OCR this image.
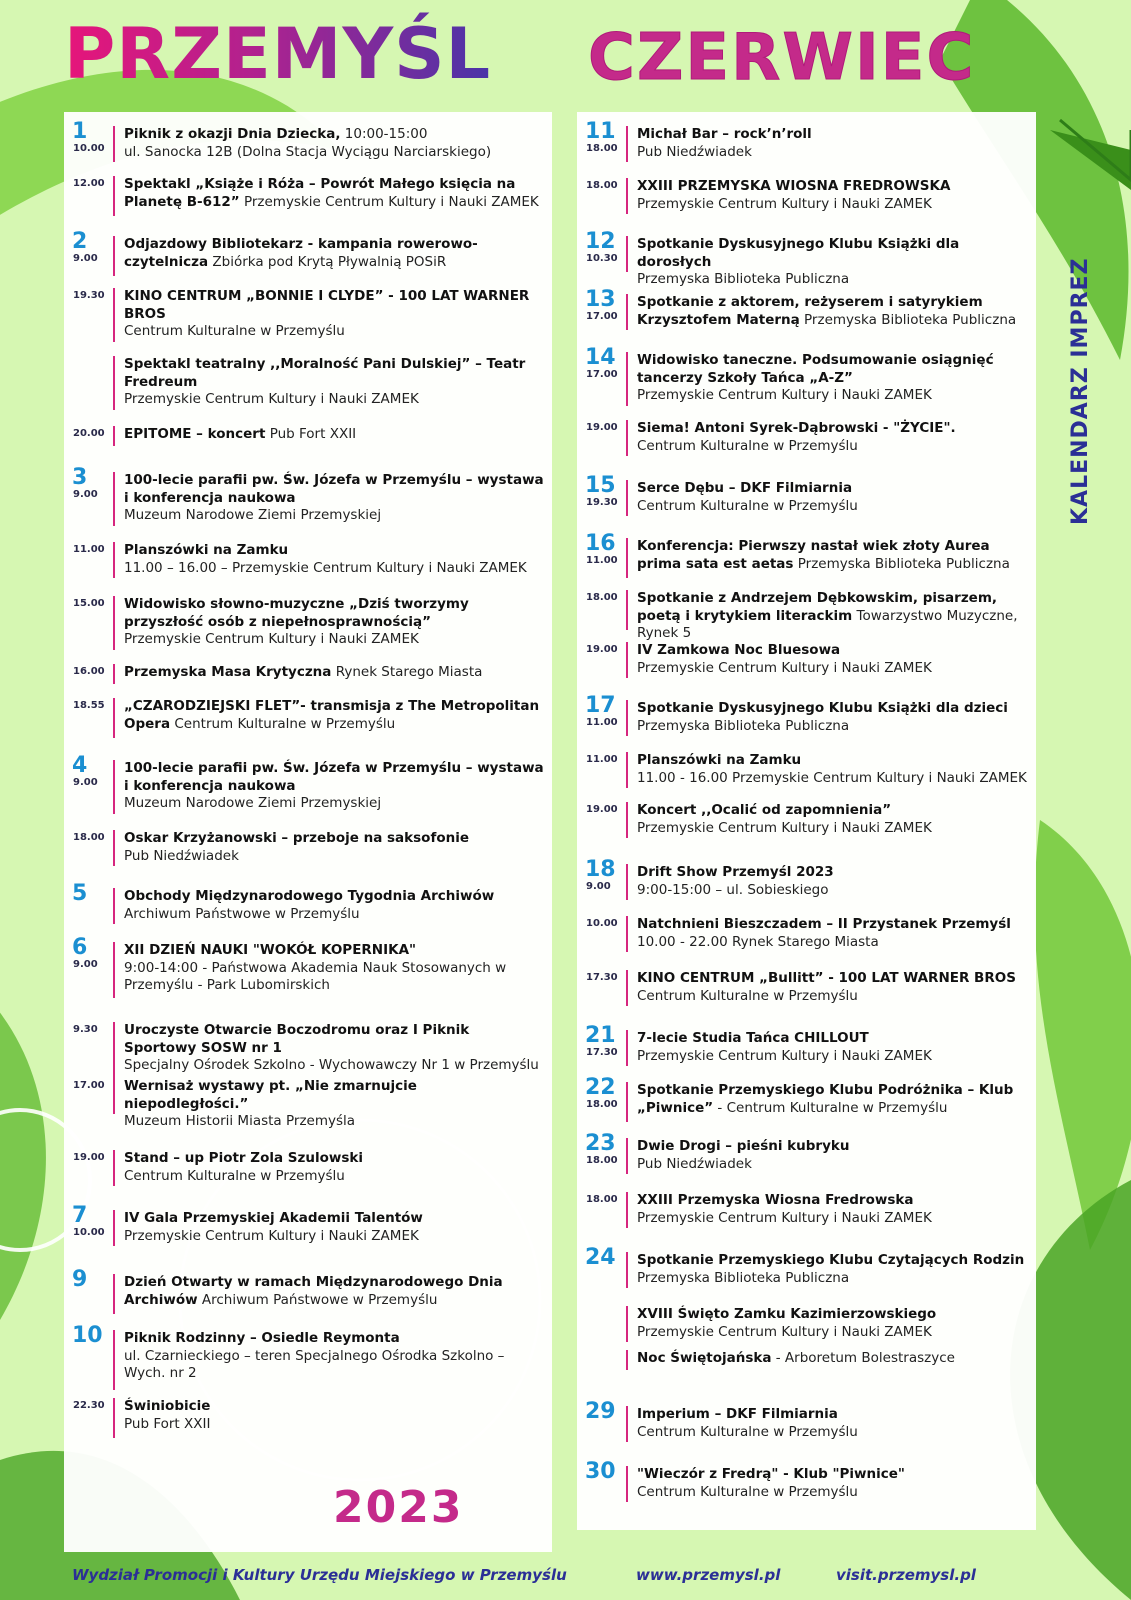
PRZEMYŚL CZERWIEC
1
10.00
Piknik z okazji Dnia Dziecka, 10:00-15:00
ul. Sanocka 12B (Dolna Stacja Wyciągu Narciarskiego)
12.00 Spektakl „Książe i Róża – Powrót Małego księcia na Planetę B-612” Przemyskie Centrum Kultury i Nauki ZAMEK
2
9.00
Odjazdowy Bibliotekarz - kampania rowerowo-czytelnicza Zbiórka pod Krytą Pływalnią POSiR
19.30 KINO CENTRUM „BONNIE I CLYDE” - 100 LAT WARNER BROS
Centrum Kulturalne w Przemyślu
Spektakl teatralny ,,Moralność Pani Dulskiej” – Teatr Fredreum
Przemyskie Centrum Kultury i Nauki ZAMEK
20.00 EPITOME – koncert Pub Fort XXII
3
9.00
100-lecie parafii pw. Św. Józefa w Przemyślu – wystawa i konferencja naukowa
Muzeum Narodowe Ziemi Przemyskiej
11.00 Planszówki na Zamku
11.00 – 16.00 – Przemyskie Centrum Kultury i Nauki ZAMEK
15.00 Widowisko słowno-muzyczne „Dziś tworzymy przyszłość osób z niepełnosprawnością”
Przemyskie Centrum Kultury i Nauki ZAMEK
16.00 Przemyska Masa Krytyczna Rynek Starego Miasta
18.55 „CZARODZIEJSKI FLET”- transmisja z The Metropolitan Opera Centrum Kulturalne w Przemyślu
4
9.00
100-lecie parafii pw. Św. Józefa w Przemyślu – wystawa i konferencja naukowa
Muzeum Narodowe Ziemi Przemyskiej
18.00 Oskar Krzyżanowski – przeboje na saksofonie
Pub Niedźwiadek
5	Obchody Międzynarodowego Tygodnia Archiwów
Archiwum Państwowe w Przemyślu
6
9.00
XII DZIEŃ NAUKI "WOKÓŁ KOPERNIKA"
9:00-14:00 - Państwowa Akademia Nauk Stosowanych w Przemyślu - Park Lubomirskich
9.30 Uroczyste Otwarcie Boczodromu oraz I Piknik Sportowy SOSW nr 1
Specjalny Ośrodek Szkolno - Wychowawczy Nr 1 w Przemyślu
17.00 Wernisaż wystawy pt. „Nie zmarnujcie niepodległości.”
Muzeum Historii Miasta Przemyśla
19.00 Stand – up Piotr Zola Szulowski
Centrum Kulturalne w Przemyślu
7
10.00
IV Gala Przemyskiej Akademii Talentów
Przemyskie Centrum Kultury i Nauki ZAMEK
9	Dzień Otwarty w ramach Międzynarodowego Dnia Archiwów Archiwum Państwowe w Przemyślu
10	Piknik Rodzinny – Osiedle Reymonta
ul. Czarnieckiego – teren Specjalnego Ośrodka Szkolno – Wych. nr 2
22.30 Świniobicie
Pub Fort XXII
11
18.00
Michał Bar – rock’n’roll
Pub Niedźwiadek
18.00 XXIII PRZEMYSKA WIOSNA FREDROWSKA
Przemyskie Centrum Kultury i Nauki ZAMEK
12
10.30
Spotkanie Dyskusyjnego Klubu Książki dla dorosłych
Przemyska Biblioteka Publiczna
13
17.00
Spotkanie z aktorem, reżyserem i satyrykiem Krzysztofem Materną Przemyska Biblioteka Publiczna
14
17.00
Widowisko taneczne. Podsumowanie osiągnięć tancerzy Szkoły Tańca „A-Z”
Przemyskie Centrum Kultury i Nauki ZAMEK
19.00 Siema! Antoni Syrek-Dąbrowski - "ŻYCIE".
Centrum Kulturalne w Przemyślu
15
19.30
Serce Dębu – DKF Filmiarnia
Centrum Kulturalne w Przemyślu
16
11.00
Konferencja: Pierwszy nastał wiek złoty Aurea prima sata est aetas Przemyska Biblioteka Publiczna
18.00 Spotkanie z Andrzejem Dębkowskim, pisarzem, poetą i krytykiem literackim Towarzystwo Muzyczne, Rynek 5
19.00 IV Zamkowa Noc Bluesowa
Przemyskie Centrum Kultury i Nauki ZAMEK
17
11.00
Spotkanie Dyskusyjnego Klubu Książki dla dzieci
Przemyska Biblioteka Publiczna
11.00 Planszówki na Zamku
11.00 - 16.00 Przemyskie Centrum Kultury i Nauki ZAMEK
19.00 Koncert ,,Ocalić od zapomnienia”
Przemyskie Centrum Kultury i Nauki ZAMEK
18
9.00
Drift Show Przemyśl 2023
9:00-15:00 – ul. Sobieskiego
10.00 Natchnieni Bieszczadem – II Przystanek Przemyśl
10.00 - 22.00 Rynek Starego Miasta
17.30 KINO CENTRUM „Bullitt” - 100 LAT WARNER BROS
Centrum Kulturalne w Przemyślu
21
17.30
7-lecie Studia Tańca CHILLOUT
Przemyskie Centrum Kultury i Nauki ZAMEK
22
18.00
Spotkanie Przemyskiego Klubu Podróżnika – Klub „Piwnice” - Centrum Kulturalne w Przemyślu
23
18.00
Dwie Drogi – pieśni kubryku
Pub Niedźwiadek
18.00 XXIII Przemyska Wiosna Fredrowska
Przemyskie Centrum Kultury i Nauki ZAMEK
24	Spotkanie Przemyskiego Klubu Czytających Rodzin
Przemyska Biblioteka Publiczna
XVIII Święto Zamku Kazimierzowskiego
Przemyskie Centrum Kultury i Nauki ZAMEK
Noc Świętojańska - Arboretum Bolestraszyce
29	Imperium – DKF Filmiarnia
Centrum Kulturalne w Przemyślu
30	"Wieczór z Fredrą" - Klub "Piwnice"
Centrum Kulturalne w Przemyślu
2023
Wydział Promocji i Kultury Urzędu Miejskiego w Przemyślu	www.przemysl.pl	visit.przemysl.pl
